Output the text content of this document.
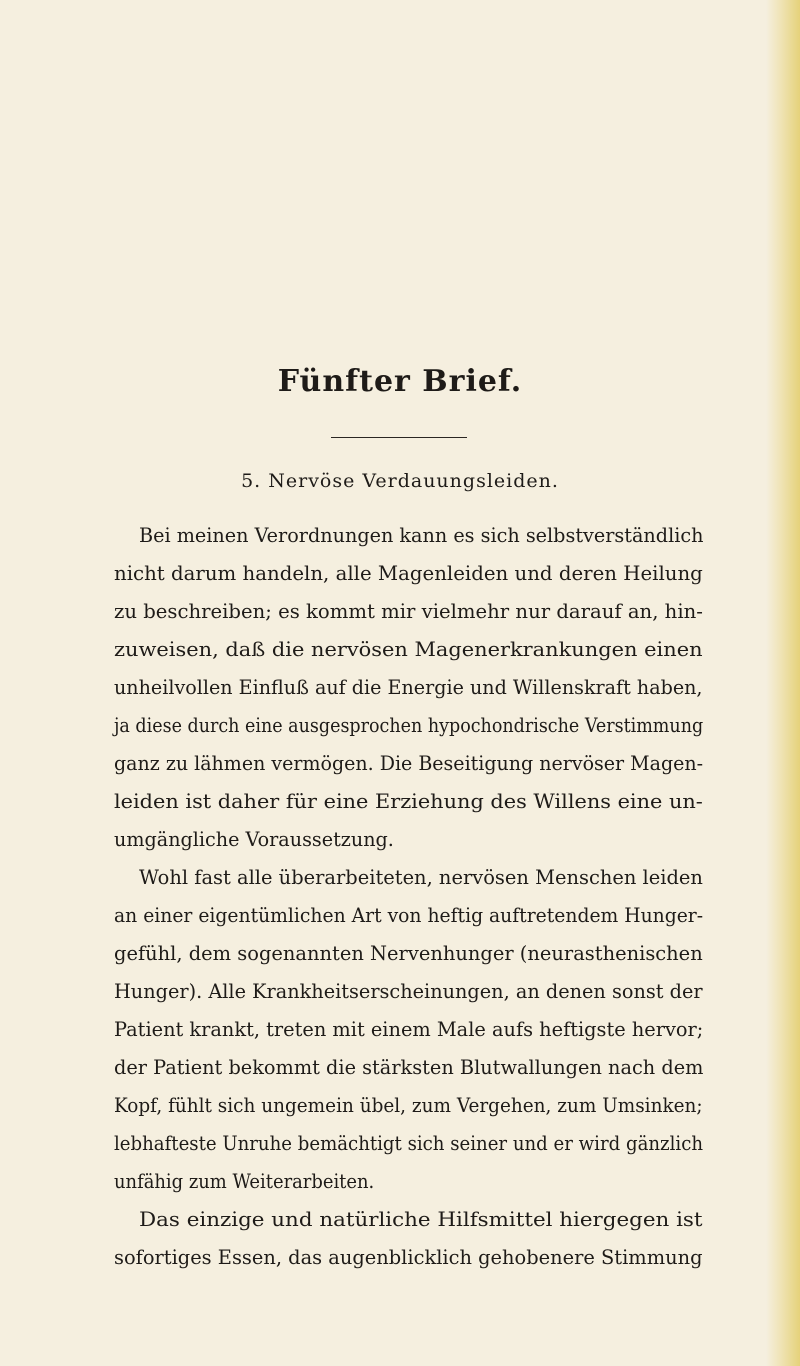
Fünfter Brief.
5. Nervöse Verdauungsleiden.
Bei meinen Verordnungen kann es sich selbstverständlich
nicht darum handeln, alle Magenleiden und deren Heilung
zu beschreiben; es kommt mir vielmehr nur darauf an, hin-
zuweisen, daß die nervösen Magenerkrankungen einen
unheilvollen Einfluß auf die Energie und Willenskraft haben,
ja diese durch eine ausgesprochen hypochondrische Verstimmung
ganz zu lähmen vermögen. Die Beseitigung nervöser Magen-
leiden ist daher für eine Erziehung des Willens eine un-
umgängliche Voraussetzung.
Wohl fast alle überarbeiteten, nervösen Menschen leiden
an einer eigentümlichen Art von heftig auftretendem Hunger-
gefühl, dem sogenannten Nervenhunger (neurasthenischen
Hunger). Alle Krankheitserscheinungen, an denen sonst der
Patient krankt, treten mit einem Male aufs heftigste hervor;
der Patient bekommt die stärksten Blutwallungen nach dem
Kopf, fühlt sich ungemein übel, zum Vergehen, zum Umsinken;
lebhafteste Unruhe bemächtigt sich seiner und er wird gänzlich
unfähig zum Weiterarbeiten.
Das einzige und natürliche Hilfsmittel hiergegen ist
sofortiges Essen, das augenblicklich gehobenere Stimmung
